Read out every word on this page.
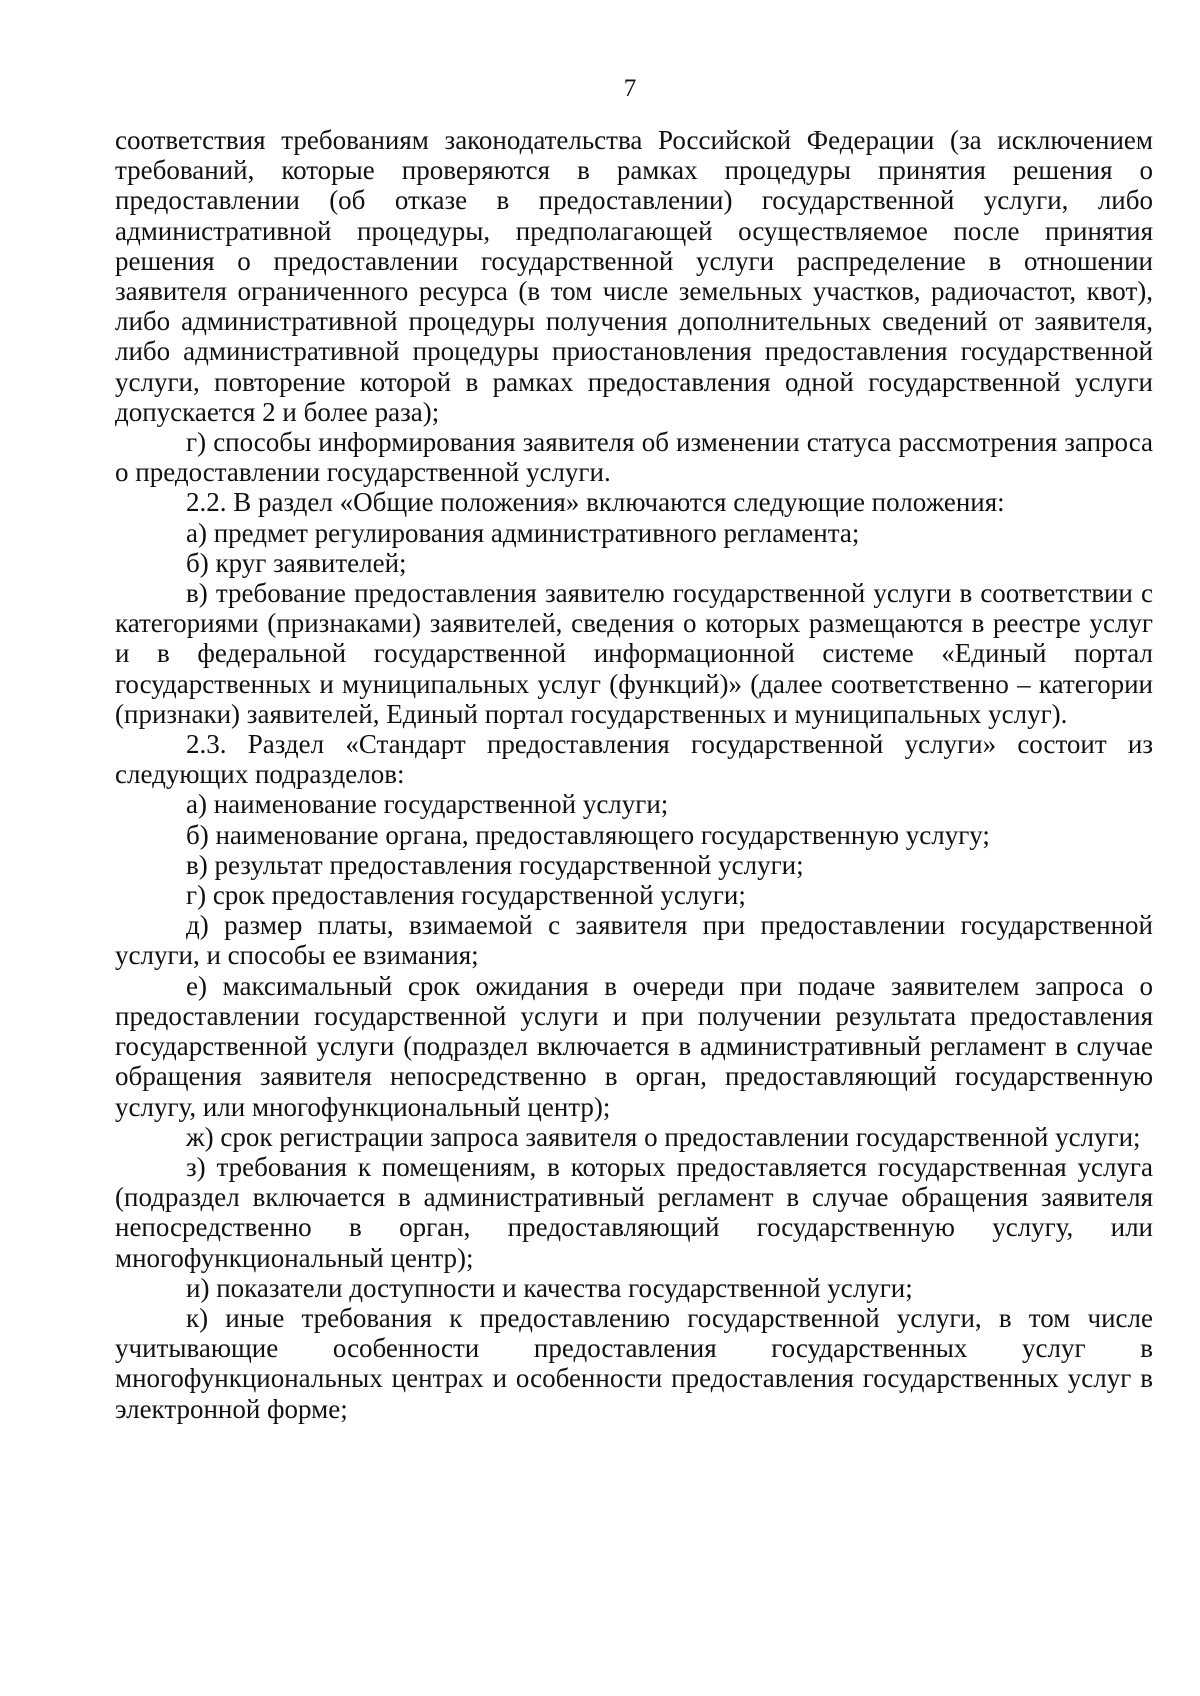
7

соответствия требованиям законодательства Российской Федерации (за исключением требований, которые проверяются в рамках процедуры принятия решения о предоставлении (об отказе в предоставлении) государственной услуги, либо административной процедуры, предполагающей осуществляемое после принятия решения о предоставлении государственной услуги распределение в отношении заявителя ограниченного ресурса (в том числе земельных участков, радиочастот, квот), либо административной процедуры получения дополнительных сведений от заявителя, либо административной процедуры приостановления предоставления государственной услуги, повторение которой в рамках предоставления одной государственной услуги допускается 2 и более раза);

г) способы информирования заявителя об изменении статуса рассмотрения запроса о предоставлении государственной услуги.

2.2. В раздел «Общие положения» включаются следующие положения:

а) предмет регулирования административного регламента;

б) круг заявителей;

в) требование предоставления заявителю государственной услуги в соответствии с категориями (признаками) заявителей, сведения о которых размещаются в реестре услуг и в федеральной государственной информационной системе «Единый портал государственных и муниципальных услуг (функций)» (далее соответственно – категории (признаки) заявителей, Единый портал государственных и муниципальных услуг).

2.3. Раздел «Стандарт предоставления государственной услуги» состоит из следующих подразделов:

а) наименование государственной услуги;

б) наименование органа, предоставляющего государственную услугу;

в) результат предоставления государственной услуги;

г) срок предоставления государственной услуги;

д) размер платы, взимаемой с заявителя при предоставлении государственной услуги, и способы ее взимания;

е) максимальный срок ожидания в очереди при подаче заявителем запроса о предоставлении государственной услуги и при получении результата предоставления государственной услуги (подраздел включается в административный регламент в случае обращения заявителя непосредственно в орган, предоставляющий государственную услугу, или многофункциональный центр);

ж) срок регистрации запроса заявителя о предоставлении государственной услуги;

з) требования к помещениям, в которых предоставляется государственная услуга (подраздел включается в административный регламент в случае обращения заявителя непосредственно в орган, предоставляющий государственную услугу, или многофункциональный центр);

и) показатели доступности и качества государственной услуги;

к) иные требования к предоставлению государственной услуги, в том числе учитывающие особенности предоставления государственных услуг в многофункциональных центрах и особенности предоставления государственных услуг в электронной форме;
